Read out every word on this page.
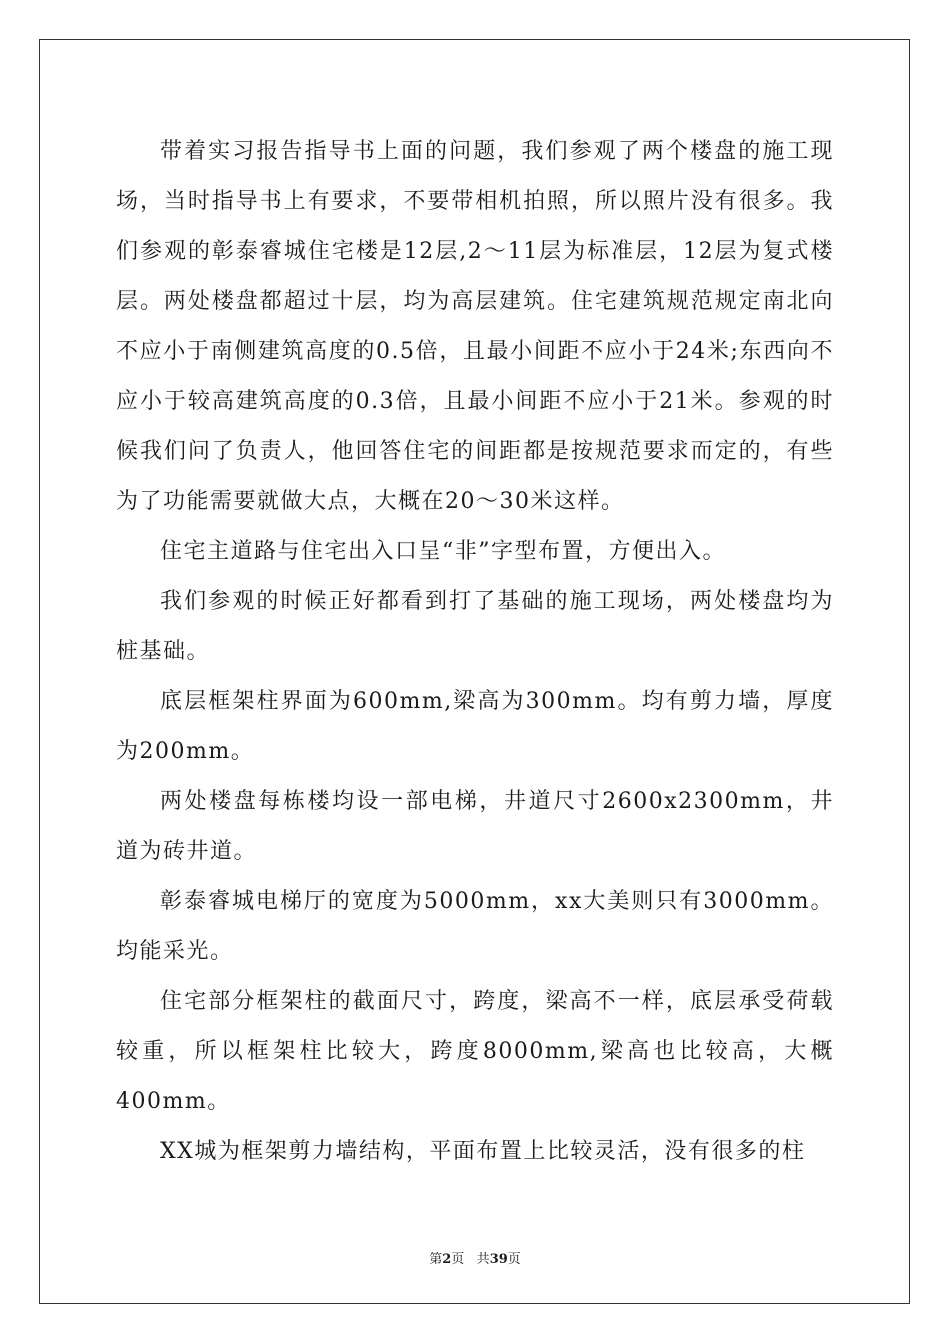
带着实习报告指导书上面的问题，我们参观了两个楼盘的施工现场，当时指导书上有要求，不要带相机拍照，所以照片没有很多。我们参观的彰泰睿城住宅楼是12层,2～11层为标准层，12层为复式楼层。两处楼盘都超过十层，均为高层建筑。住宅建筑规范规定南北向不应小于南侧建筑高度的0.5倍，且最小间距不应小于24米;东西向不应小于较高建筑高度的0.3倍，且最小间距不应小于21米。参观的时候我们问了负责人，他回答住宅的间距都是按规范要求而定的，有些为了功能需要就做大点，大概在20～30米这样。

住宅主道路与住宅出入口呈“非”字型布置，方便出入。

我们参观的时候正好都看到打了基础的施工现场，两处楼盘均为桩基础。

底层框架柱界面为600mm,梁高为300mm。均有剪力墙，厚度为200mm。

两处楼盘每栋楼均设一部电梯，井道尺寸2600x2300mm，井道为砖井道。

彰泰睿城电梯厅的宽度为5000mm，xx大美则只有3000mm。均能采光。

住宅部分框架柱的截面尺寸，跨度，梁高不一样，底层承受荷载较重，所以框架柱比较大，跨度8000mm,梁高也比较高，大概400mm。

XX城为框架剪力墙结构，平面布置上比较灵活，没有很多的柱

第2页 共39页
